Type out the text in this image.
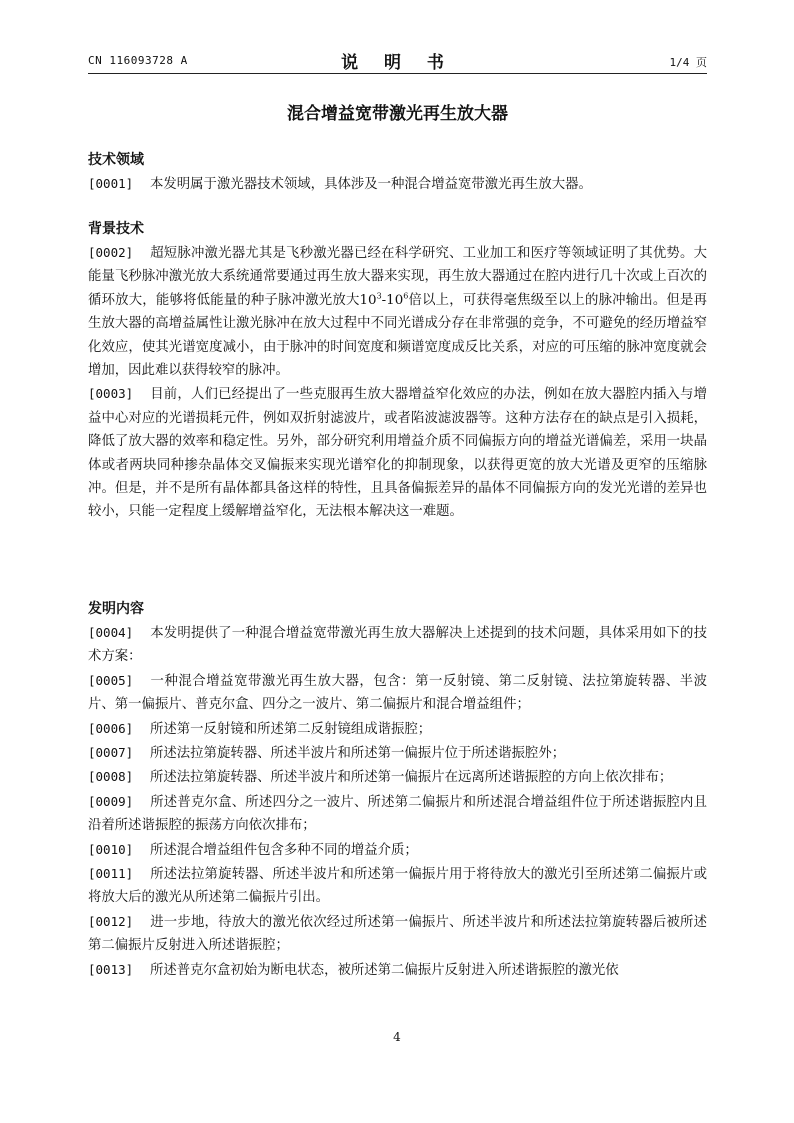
CN 116093728 A	说 明 书	1/4 页
混合增益宽带激光再生放大器
技术领域

[0001] 本发明属于激光器技术领域，具体涉及一种混合增益宽带激光再生放大器。

背景技术

[0002] 超短脉冲激光器尤其是飞秒激光器已经在科学研究、工业加工和医疗等领域证明了其优势。大能量飞秒脉冲激光放大系统通常要通过再生放大器来实现，再生放大器通过在腔内进行几十次或上百次的循环放大，能够将低能量的种子脉冲激光放大$10^3-10^6$倍以上，可获得毫焦级至以上的脉冲输出。但是再生放大器的高增益属性让激光脉冲在放大过程中不同光谱成分存在非常强的竞争，不可避免的经历增益窄化效应，使其光谱宽度减小，由于脉冲的时间宽度和频谱宽度成反比关系，对应的可压缩的脉冲宽度就会增加，因此难以获得较窄的脉冲。

[0003] 目前，人们已经提出了一些克服再生放大器增益窄化效应的办法，例如在放大器腔内插入与增益中心对应的光谱损耗元件，例如双折射滤波片，或者陷波滤波器等。这种方法存在的缺点是引入损耗，降低了放大器的效率和稳定性。另外，部分研究利用增益介质不同偏振方向的增益光谱偏差，采用一块晶体或者两块同种掺杂晶体交叉偏振来实现光谱窄化的抑制现象，以获得更宽的放大光谱及更窄的压缩脉冲。但是，并不是所有晶体都具备这样的特性，且具备偏振差异的晶体不同偏振方向的发光光谱的差异也较小，只能一定程度上缓解增益窄化，无法根本解决这一难题。

发明内容

[0004] 本发明提供了一种混合增益宽带激光再生放大器解决上述提到的技术问题，具体采用如下的技术方案：

[0005] 一种混合增益宽带激光再生放大器，包含：第一反射镜、第二反射镜、法拉第旋转器、半波片、第一偏振片、普克尔盒、四分之一波片、第二偏振片和混合增益组件；

[0006] 所述第一反射镜和所述第二反射镜组成谐振腔；

[0007] 所述法拉第旋转器、所述半波片和所述第一偏振片位于所述谐振腔外；

[0008] 所述法拉第旋转器、所述半波片和所述第一偏振片在远离所述谐振腔的方向上依次排布；

[0009] 所述普克尔盒、所述四分之一波片、所述第二偏振片和所述混合增益组件位于所述谐振腔内且沿着所述谐振腔的振荡方向依次排布；

[0010] 所述混合增益组件包含多种不同的增益介质；

[0011] 所述法拉第旋转器、所述半波片和所述第一偏振片用于将待放大的激光引至所述第二偏振片或将放大后的激光从所述第二偏振片引出。

[0012] 进一步地，待放大的激光依次经过所述第一偏振片、所述半波片和所述法拉第旋转器后被所述第二偏振片反射进入所述谐振腔；

[0013] 所述普克尔盒初始为断电状态，被所述第二偏振片反射进入所述谐振腔的激光依

4
